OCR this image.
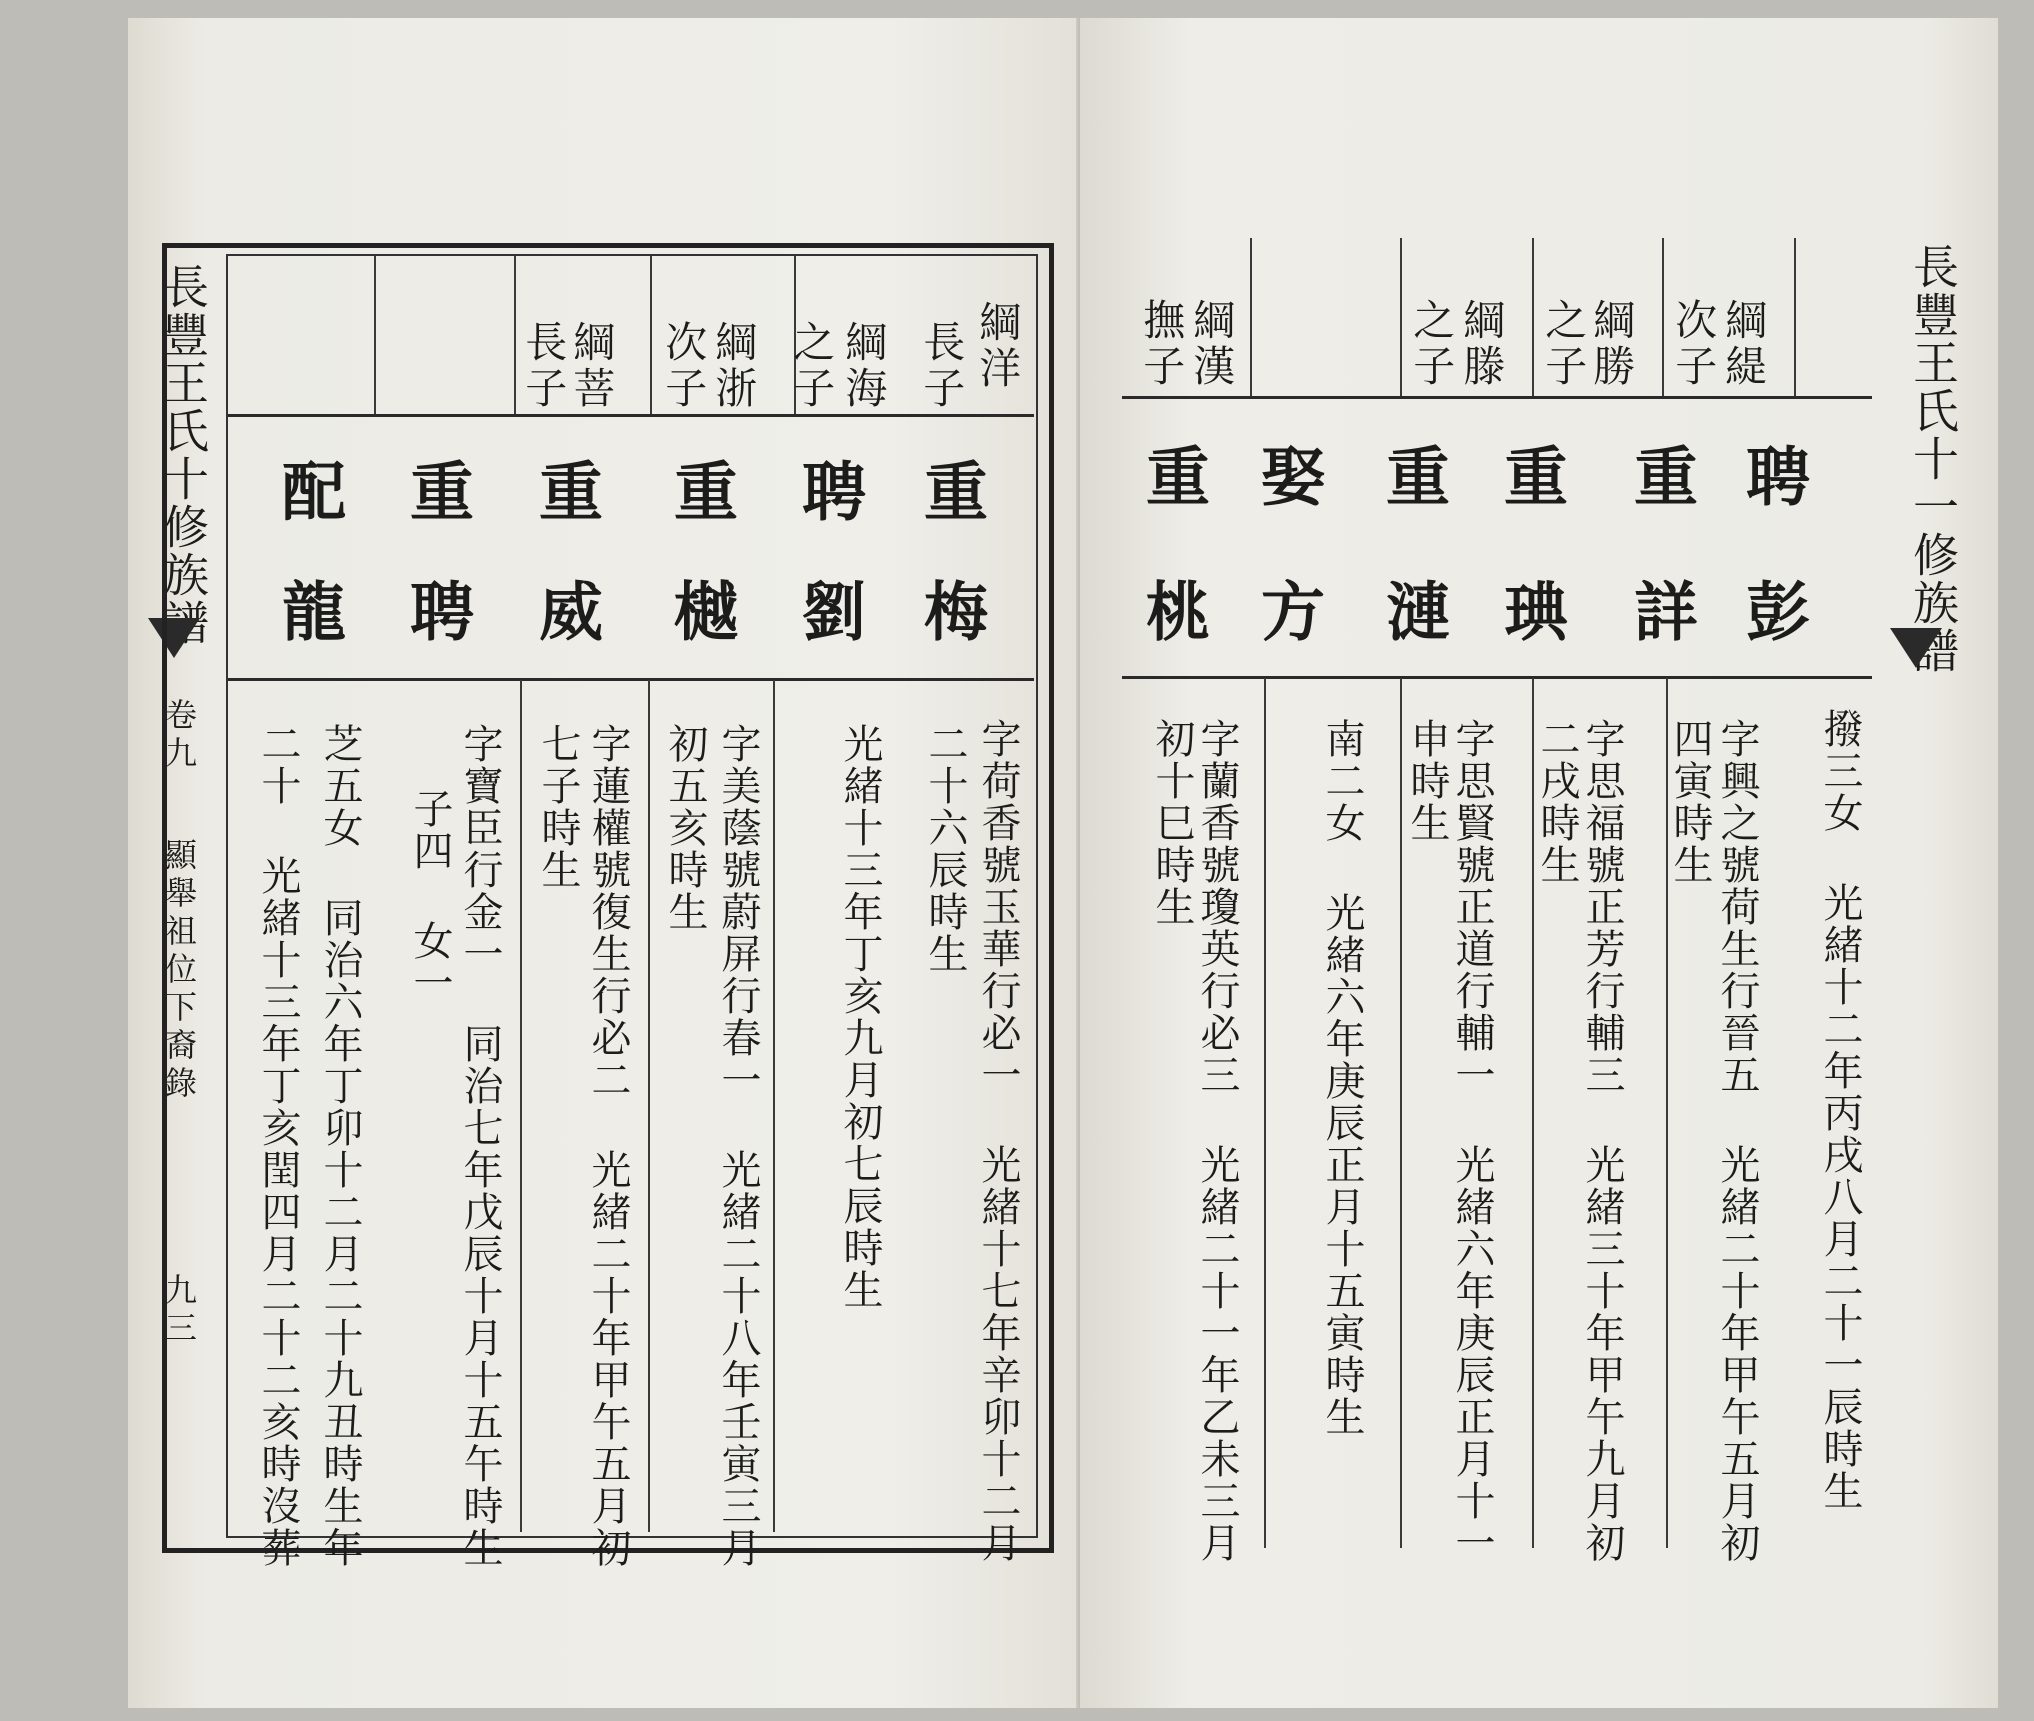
長豐王氏十修族譜
卷九
顯舉祖位下裔錄
九三
綱洋
長子
重
梅
字荷香號玉華行必一 光緒十七年辛卯十二月
二十六辰時生
綱海
之子
聘
劉
光緒十三年丁亥九月初七辰時生
綱浙
次子
重
樾
字美蔭號蔚屏行春一 光緒二十八年壬寅三月
初五亥時生
綱菩
長子
重
威
字蓮權號復生行必二 光緒二十年甲午五月初
七子時生
重
聘
字寶臣行金一 同治七年戊辰十月十五午時生
子四 女一
配
龍
芝五女 同治六年丁卯十二月二十九丑時生年
二十 光緒十三年丁亥閏四月二十二亥時沒葬
長豐王氏十一修族譜
聘
彭
撥三女 光緒十二年丙戌八月二十一辰時生
綱緹
次子
重
詳
字興之號荷生行晉五 光緒二十年甲午五月初
四寅時生
綱勝
之子
重
琠
字思福號正芳行輔三 光緒三十年甲午九月初
二戌時生
綱滕
之子
重
漣
字思賢號正道行輔一 光緒六年庚辰正月十一
申時生
娶
方
南二女 光緒六年庚辰正月十五寅時生
綱漢
撫子
重
桃
字蘭香號瓊英行必三 光緒二十一年乙未三月
初十巳時生
